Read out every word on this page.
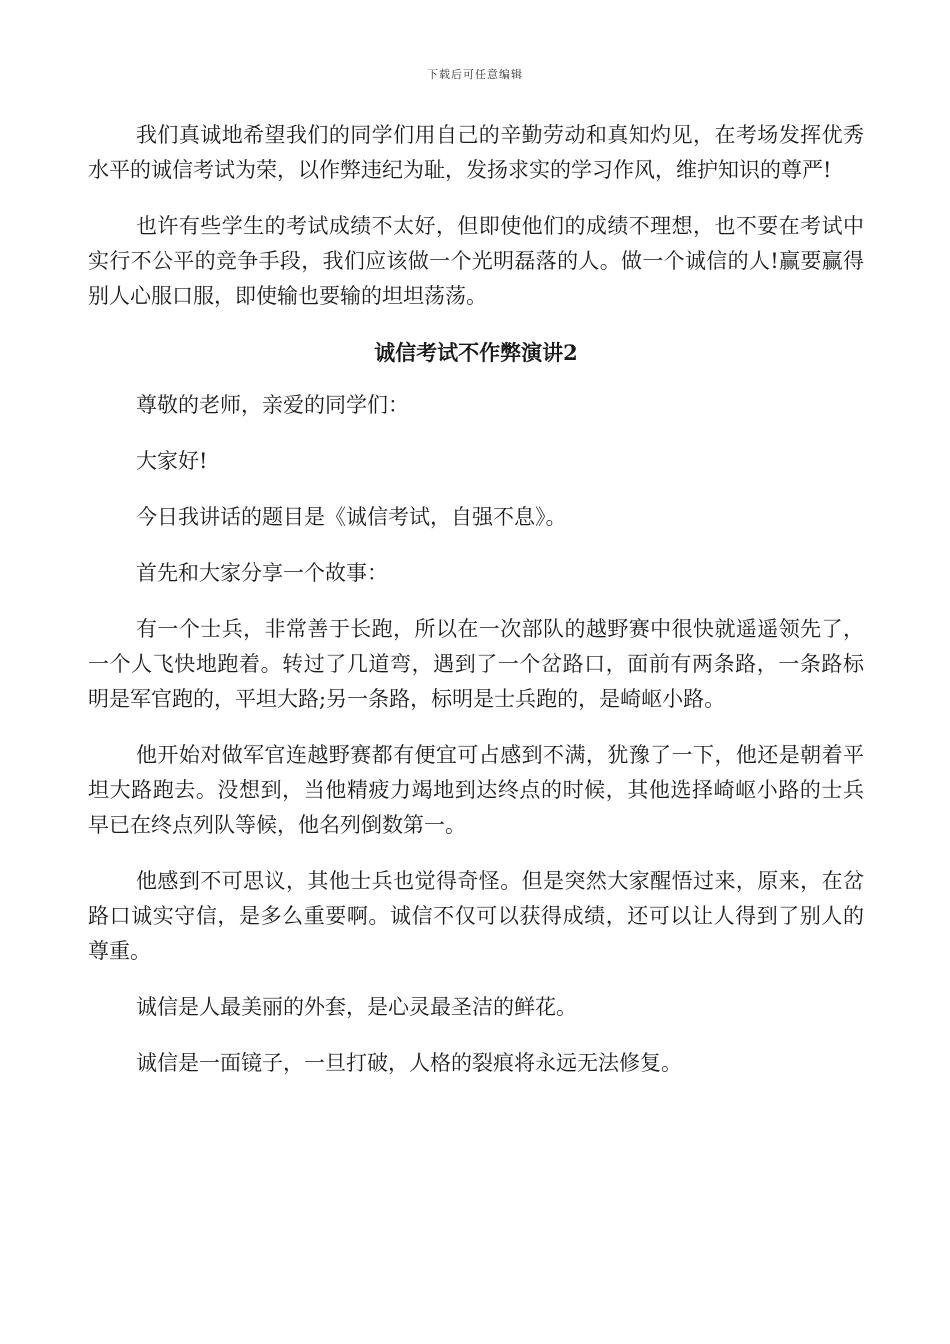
下载后可任意编辑

我们真诚地希望我们的同学们用自己的辛勤劳动和真知灼见，在考场发挥优秀水平的诚信考试为荣，以作弊违纪为耻，发扬求实的学习作风，维护知识的尊严!

也许有些学生的考试成绩不太好，但即使他们的成绩不理想，也不要在考试中实行不公平的竞争手段，我们应该做一个光明磊落的人。做一个诚信的人!赢要赢得别人心服口服，即使输也要输的坦坦荡荡。

诚信考试不作弊演讲2

尊敬的老师，亲爱的同学们：

大家好!

今日我讲话的题目是《诚信考试，自强不息》。

首先和大家分享一个故事：

有一个士兵，非常善于长跑，所以在一次部队的越野赛中很快就遥遥领先了，一个人飞快地跑着。转过了几道弯，遇到了一个岔路口，面前有两条路，一条路标明是军官跑的，平坦大路;另一条路，标明是士兵跑的，是崎岖小路。

他开始对做军官连越野赛都有便宜可占感到不满，犹豫了一下，他还是朝着平坦大路跑去。没想到，当他精疲力竭地到达终点的时候，其他选择崎岖小路的士兵早已在终点列队等候，他名列倒数第一。

他感到不可思议，其他士兵也觉得奇怪。但是突然大家醒悟过来，原来，在岔路口诚实守信，是多么重要啊。诚信不仅可以获得成绩，还可以让人得到了别人的尊重。

诚信是人最美丽的外套，是心灵最圣洁的鲜花。

诚信是一面镜子，一旦打破，人格的裂痕将永远无法修复。
